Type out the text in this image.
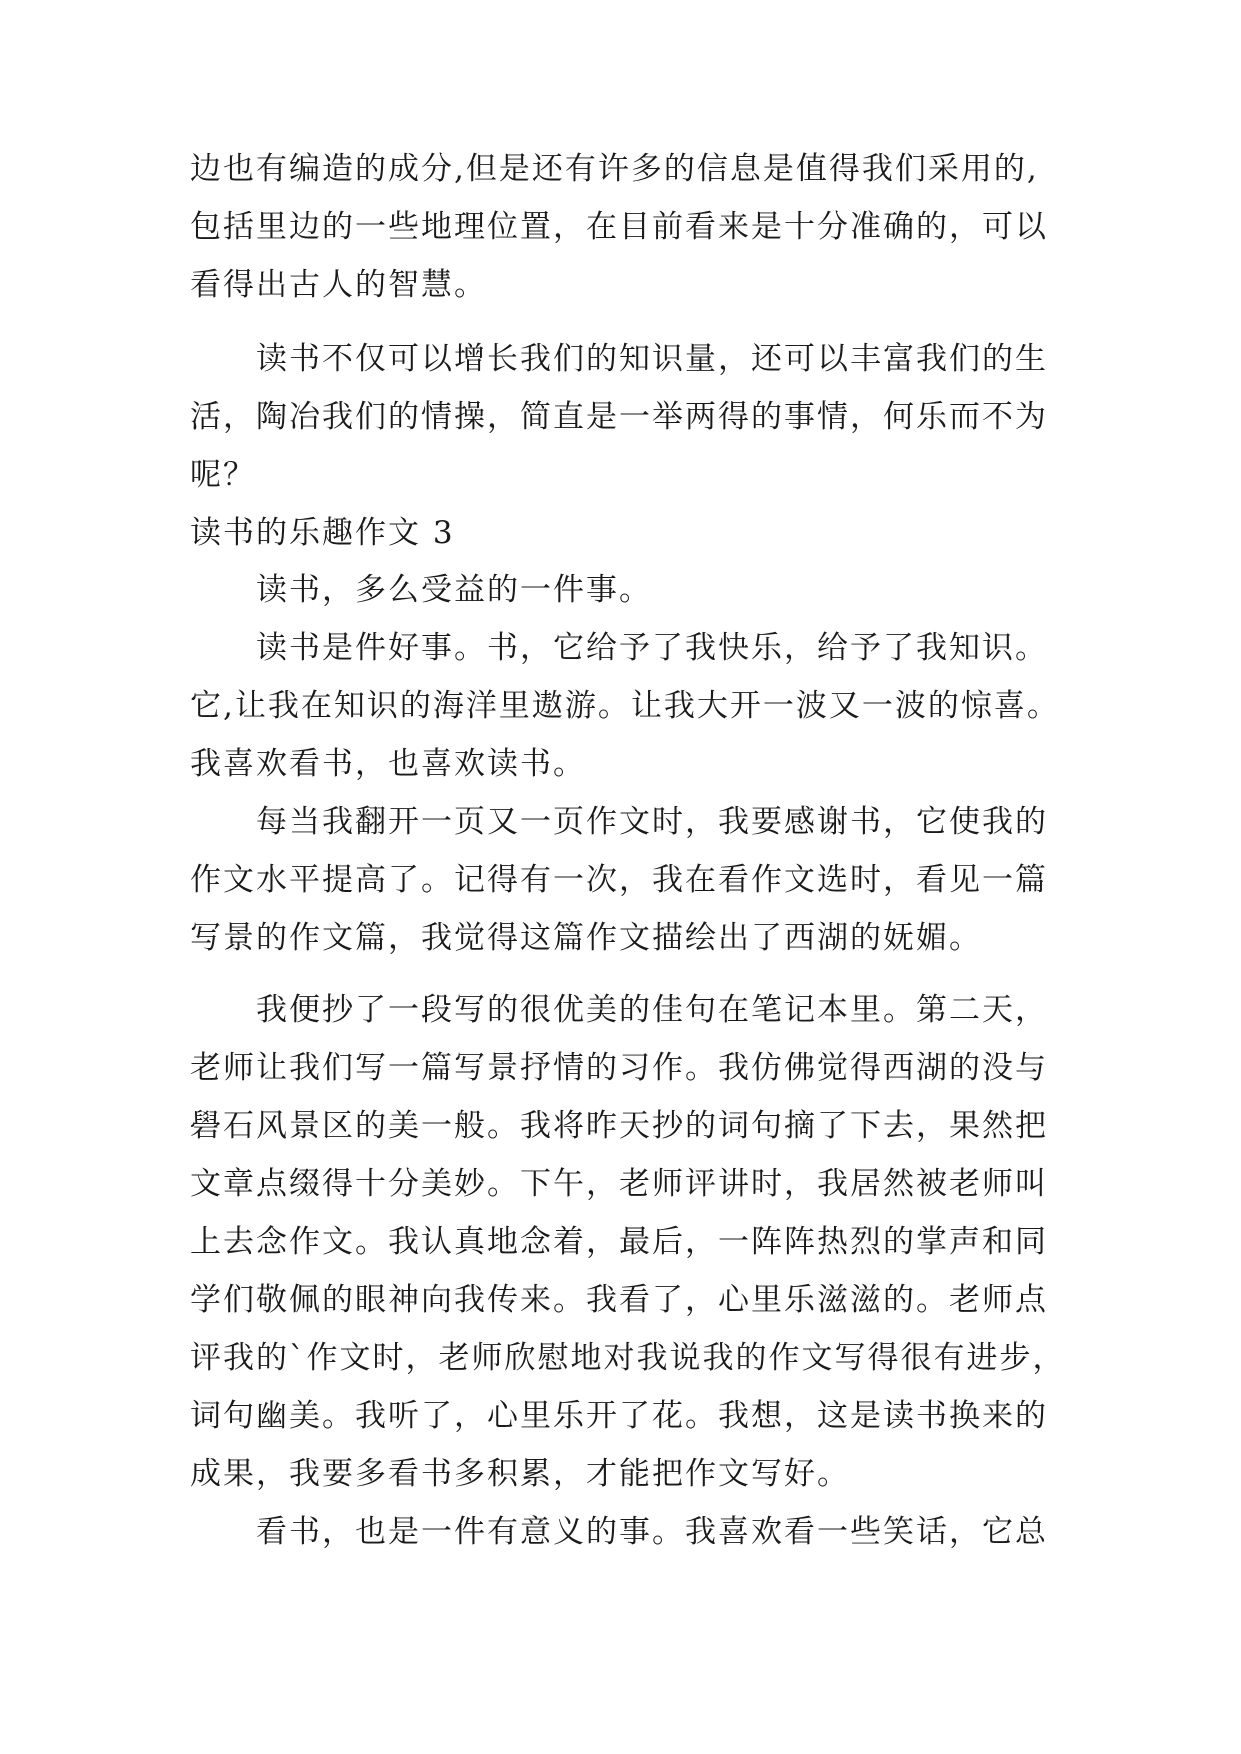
边也有编造的成分,但是还有许多的信息是值得我们采用的,
包括里边的一些地理位置，在目前看来是十分准确的，可以
看得出古人的智慧。
读书不仅可以增长我们的知识量，还可以丰富我们的生
活，陶冶我们的情操，简直是一举两得的事情，何乐而不为
呢？
读书的乐趣作文 3
读书，多么受益的一件事。
读书是件好事。书，它给予了我快乐，给予了我知识。
它,让我在知识的海洋里遨游。让我大开一波又一波的惊喜。
我喜欢看书，也喜欢读书。
每当我翻开一页又一页作文时，我要感谢书，它使我的
作文水平提高了。记得有一次，我在看作文选时，看见一篇
写景的作文篇，我觉得这篇作文描绘出了西湖的妩媚。
我便抄了一段写的很优美的佳句在笔记本里。第二天，
老师让我们写一篇写景抒情的习作。我仿佛觉得西湖的没与
礐石风景区的美一般。我将昨天抄的词句摘了下去，果然把
文章点缀得十分美妙。下午，老师评讲时，我居然被老师叫
上去念作文。我认真地念着，最后，一阵阵热烈的掌声和同
学们敬佩的眼神向我传来。我看了，心里乐滋滋的。老师点
评我的`作文时，老师欣慰地对我说我的作文写得很有进步，
词句幽美。我听了，心里乐开了花。我想，这是读书换来的
成果，我要多看书多积累，才能把作文写好。
看书，也是一件有意义的事。我喜欢看一些笑话，它总
